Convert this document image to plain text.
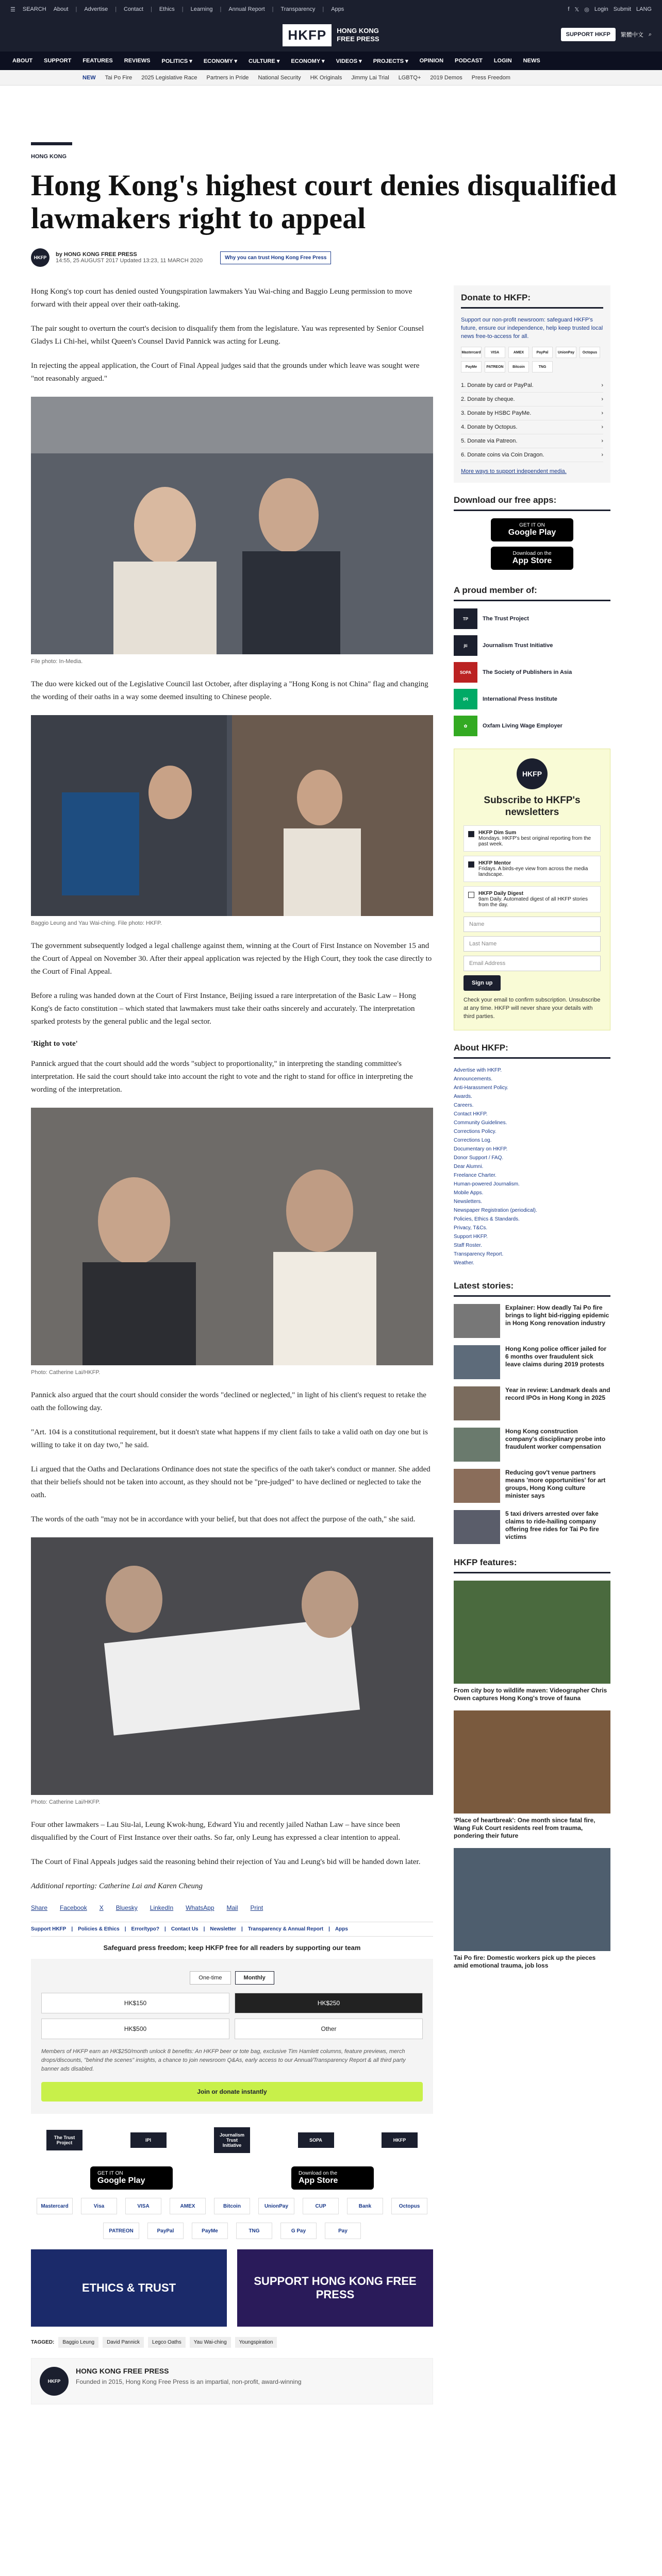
☰ SEARCH About | Advertise | Contact | Ethics | Learning | Annual Report | Transparency | Apps	f 𝕏 ◎ Login Submit LANG
HKFP	HONG KONG
FREE PRESS
SUPPORT HKFP	繁體中文 ⌕
ABOUT SUPPORT FEATURES REVIEWS POLITICS ▾ ECONOMY ▾ CULTURE ▾ ECONOMY ▾ VIDEOS ▾ PROJECTS ▾ OPINION PODCAST LOGIN NEWS
NEW Tai Po Fire 2025 Legislative Race Partners in Pride National Security HK Originals Jimmy Lai Trial LGBTQ+ 2019 Demos Press Freedom
HONG KONG
Hong Kong's highest court denies disqualified lawmakers right to appeal
HKFP	by HONG KONG FREE PRESS
14:55, 25 AUGUST 2017 Updated 13:23, 11 MARCH 2020	Why you can trust Hong Kong Free Press

Hong Kong's top court has denied ousted Youngspiration lawmakers Yau Wai-ching and Baggio Leung permission to move forward with their appeal over their oath-taking.

The pair sought to overturn the court's decision to disqualify them from the legislature. Yau was represented by Senior Counsel Gladys Li Chi-hei, whilst Queen's Counsel David Pannick was acting for Leung.

In rejecting the appeal application, the Court of Final Appeal judges said that the grounds under which leave was sought were "not reasonably argued."

File photo: In-Media.

The duo were kicked out of the Legislative Council last October, after displaying a "Hong Kong is not China" flag and changing the wording of their oaths in a way some deemed insulting to Chinese people.

Baggio Leung and Yau Wai-ching. File photo: HKFP.

The government subsequently lodged a legal challenge against them, winning at the Court of First Instance on November 15 and the Court of Appeal on November 30. After their appeal application was rejected by the High Court, they took the case directly to the Court of Final Appeal.

Before a ruling was handed down at the Court of First Instance, Beijing issued a rare interpretation of the Basic Law – Hong Kong's de facto constitution – which stated that lawmakers must take their oaths sincerely and accurately. The interpretation sparked protests by the general public and the legal sector.

'Right to vote'

Pannick argued that the court should add the words "subject to proportionality," in interpreting the standing committee's interpretation. He said the court should take into account the right to vote and the right to stand for office in interpreting the wording of the interpretation.

Photo: Catherine Lai/HKFP.

Pannick also argued that the court should consider the words "declined or neglected," in light of his client's request to retake the oath the following day.

"Art. 104 is a constitutional requirement, but it doesn't state what happens if my client fails to take a valid oath on day one but is willing to take it on day two," he said.

Li argued that the Oaths and Declarations Ordinance does not state the specifics of the oath taker's conduct or manner. She added that their beliefs should not be taken into account, as they should not be "pre-judged" to have declined or neglected to take the oath.

The words of the oath "may not be in accordance with your belief, but that does not affect the purpose of the oath," she said.

Photo: Catherine Lai/HKFP.

Four other lawmakers – Lau Siu-lai, Leung Kwok-hung, Edward Yiu and recently jailed Nathan Law – have since been disqualified by the Court of First Instance over their oaths. So far, only Leung has expressed a clear intention to appeal.

The Court of Final Appeals judges said the reasoning behind their rejection of Yau and Leung's bid will be handed down later.

Additional reporting: Catherine Lai and Karen Cheung

Share Facebook X Bluesky LinkedIn WhatsApp Mail Print
Support HKFP | Policies & Ethics | Error/typo? | Contact Us | Newsletter | Transparency & Annual Report | Apps
Safeguard press freedom; keep HKFP free for all readers by supporting our team
One-time	Monthly
HK$150	HK$250
HK$500	Other
Members of HKFP earn an HK$250/month unlock 8 benefits: An HKFP beer or tote bag, exclusive Tim Hamlett columns, feature previews, merch drops/discounts, "behind the scenes" insights, a chance to join newsroom Q&As, early access to our Annual/Transparency Report & all third party banner ads disabled.
Join or donate instantly
The Trust Project	IPI
Journalism Trust Initiative
SOPA	HKFP
GET IT ON
Google Play
Download on the
App Store
Mastercard	Visa	VISA	AMEX	Bitcoin	UnionPay	CUP	Bank	Octopus
PATREON	PayPal	PayMe	TNG	G Pay	Pay
ETHICS & TRUST
SUPPORT HONG KONG FREE PRESS
TAGGED:	Baggio Leung	David Pannick	Legco Oaths	Yau Wai-ching	Youngspiration
HKFP
HONG KONG FREE PRESS
Founded in 2015, Hong Kong Free Press is an impartial, non-profit, award-winning
Donate to HKFP:
Support our non-profit newsroom: safeguard HKFP's future, ensure our independence, help keep trusted local news free-to-access for all.
Mastercard	VISA	AMEX	PayPal	UnionPay	Octopus
PayMe	PATREON	Bitcoin	TNG
1. Donate by card or PayPal.	›
2. Donate by cheque.	›
3. Donate by HSBC PayMe.	›
4. Donate by Octopus.	›
5. Donate via Patreon.	›
6. Donate coins via Coin Dragon.	›
More ways to support independent media.
Download our free apps:
GET IT ON
Google Play
Download on the
App Store
A proud member of:
TP	The Trust Project
jti	Journalism Trust Initiative
SOPA	The Society of Publishers in Asia
IPI	International Press Institute
✿	Oxfam Living Wage Employer
HKFP
Subscribe to HKFP's newsletters
HKFP Dim Sum
Mondays. HKFP's best original reporting from the past week.
HKFP Mentor
Fridays. A birds-eye view from across the media landscape.
HKFP Daily Digest
9am Daily. Automated digest of all HKFP stories from the day.
Name
Last Name
Email Address
Sign up
Check your email to confirm subscription. Unsubscribe at any time. HKFP will never share your details with third parties.
About HKFP:
Advertise with HKFP.
Announcements.
Anti-Harassment Policy.
Awards.
Careers.
Contact HKFP.
Community Guidelines.
Corrections Policy.
Corrections Log.
Documentary on HKFP.
Donor Support / FAQ.
Dear Alumni.
Freelance Charter.
Human-powered Journalism.
Mobile Apps.
Newsletters.
Newspaper Registration (periodical).
Policies, Ethics & Standards.
Privacy, T&Cs.
Support HKFP.
Staff Roster.
Transparency Report.
Weather.
Latest stories:
Explainer: How deadly Tai Po fire brings to light bid-rigging epidemic in Hong Kong renovation industry
Hong Kong police officer jailed for 6 months over fraudulent sick leave claims during 2019 protests
Year in review: Landmark deals and record IPOs in Hong Kong in 2025
Hong Kong construction company's disciplinary probe into fraudulent worker compensation
Reducing gov't venue partners means 'more opportunities' for art groups, Hong Kong culture minister says
5 taxi drivers arrested over fake claims to ride-hailing company offering free rides for Tai Po fire victims
HKFP features:
From city boy to wildlife maven: Videographer Chris Owen captures Hong Kong's trove of fauna
'Place of heartbreak': One month since fatal fire, Wang Fuk Court residents reel from trauma, pondering their future
Tai Po fire: Domestic workers pick up the pieces amid emotional trauma, job loss
